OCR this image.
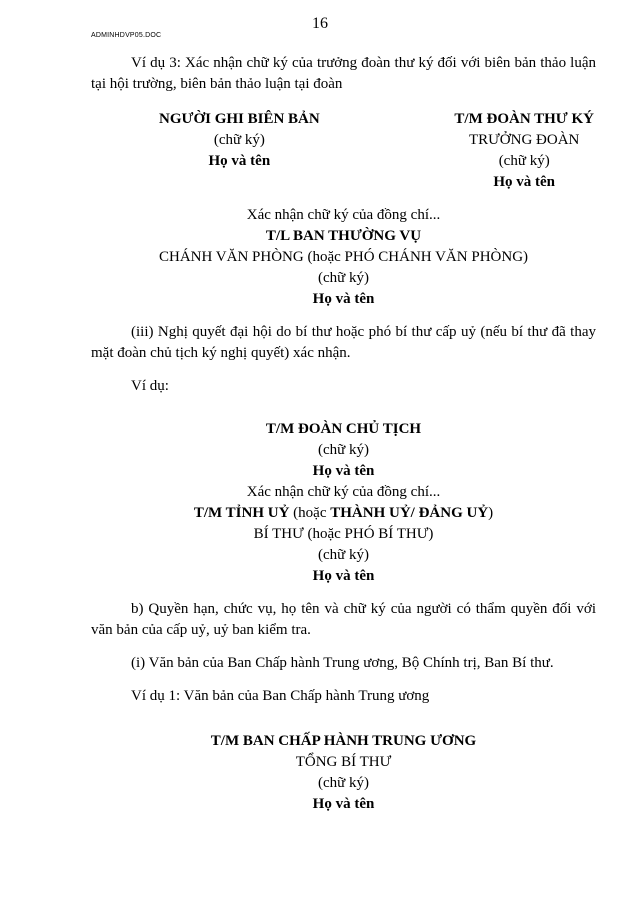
ADMINHDVP05.DOC
16

Ví dụ 3: Xác nhận chữ ký của trưởng đoàn thư ký đối với biên bản thảo luận tại hội trường, biên bản thảo luận tại đoàn

NGƯỜI GHI BIÊN BẢN
(chữ ký)
Họ và tên
T/M ĐOÀN THƯ KÝ
TRƯỞNG ĐOÀN
(chữ ký)
Họ và tên
Xác nhận chữ ký của đồng chí...
T/L BAN THƯỜNG VỤ
CHÁNH VĂN PHÒNG (hoặc PHÓ CHÁNH VĂN PHÒNG)
(chữ ký)
Họ và tên

(iii) Nghị quyết đại hội do bí thư hoặc phó bí thư cấp uỷ (nếu bí thư đã thay mặt đoàn chủ tịch ký nghị quyết) xác nhận.

Ví dụ:

T/M ĐOÀN CHỦ TỊCH
(chữ ký)
Họ và tên
Xác nhận chữ ký của đồng chí...
T/M TỈNH UỶ (hoặc THÀNH UỶ/ ĐẢNG UỶ)
BÍ THƯ (hoặc PHÓ BÍ THƯ)
(chữ ký)
Họ và tên

b) Quyền hạn, chức vụ, họ tên và chữ ký của người có thẩm quyền đối với văn bản của cấp uỷ, uỷ ban kiểm tra.

(i) Văn bản của Ban Chấp hành Trung ương, Bộ Chính trị, Ban Bí thư.

Ví dụ 1: Văn bản của Ban Chấp hành Trung ương

T/M BAN CHẤP HÀNH TRUNG ƯƠNG
TỔNG BÍ THƯ
(chữ ký)
Họ và tên
